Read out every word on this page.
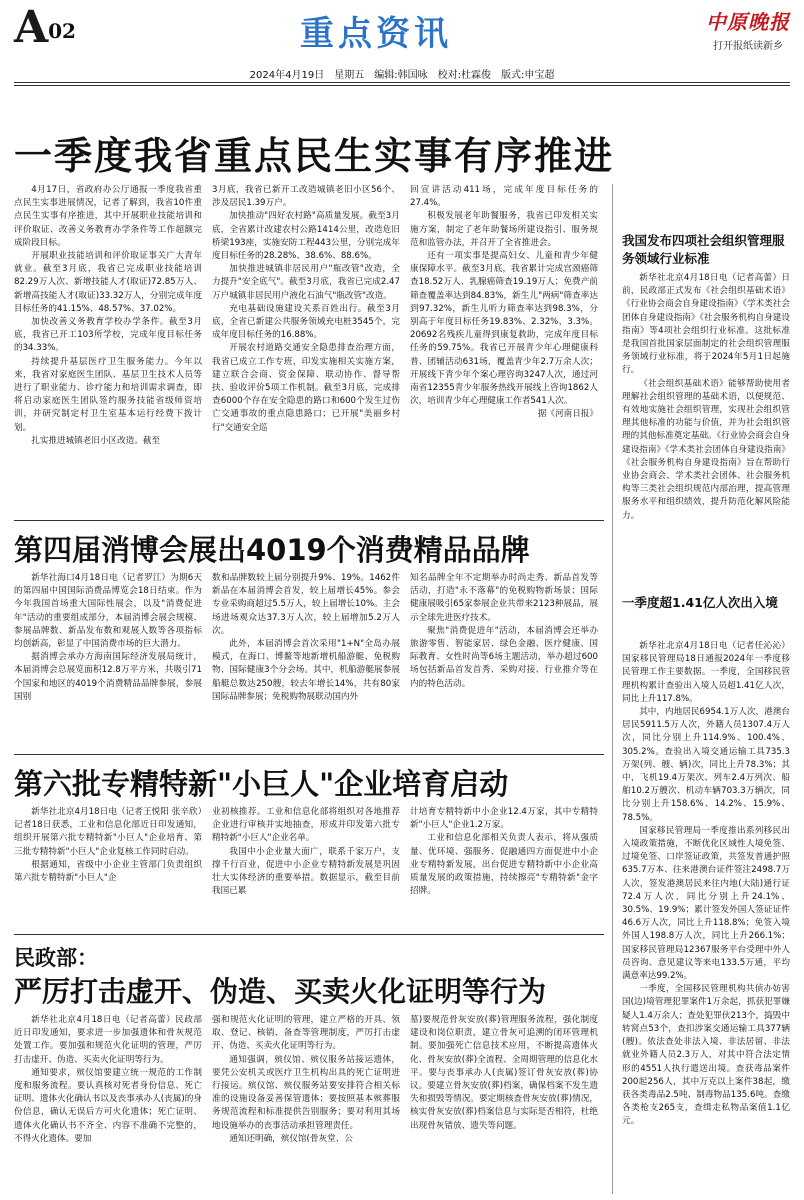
A02	重点资讯	中原晚报
打开报纸读新乡
2024年4月19日　星期五　编辑:韩国咏　校对:杜霖俊　版式:申宝超
一季度我省重点民生实事有序推进

4月17日，省政府办公厅通报一季度我省重点民生实事进展情况，记者了解到，我省10件重点民生实事有序推进，其中开展职业技能培训和评价取证、改善义务教育办学条件等工作超额完成阶段目标。

开展职业技能培训和评价取证事关广大青年就业。截至3月底，我省已完成职业技能培训82.29万人次、新增技能人才(取证)72.85万人、新增高技能人才(取证)33.32万人，分别完成年度目标任务的41.15%、48.57%、37.02%。

加快改善义务教育学校办学条件。截至3月底，我省已开工103所学校，完成年度目标任务的34.33%。

持续提升基层医疗卫生服务能力。今年以来，我省对家庭医生团队、基层卫生技术人员等进行了职业能力、诊疗能力和培训需求调查，即将启动家庭医生团队签约服务技能省级师资培训，并研究制定村卫生室基本运行经费下拨计划。

扎实推进城镇老旧小区改造。截至

3月底，我省已新开工改造城镇老旧小区56个、涉及居民1.39万户。

加快推动"四好农村路"高质量发展。截至3月底，全省累计改建农村公路1414公里，改造危旧桥梁193座，实施安防工程443公里，分别完成年度目标任务的28.28%、38.6%、88.6%。

加快推进城镇非居民用户"瓶改管"改造，全力提升"安全底气"。截至3月底，我省已完成2.47万户城镇非居民用户液化石油气"瓶改管"改造。

充电基础设施建设关系百姓出行。截至3月底，全省已新建公共服务领域充电桩3545个，完成年度目标任务的16.88%。

开展农村道路交通安全隐患排查治理方面，我省已成立工作专班，印发实施相关实施方案，建立联合会商、资金保障、联动协作、督导帮扶、验收评价5项工作机制。截至3月底，完成排查6000个存在安全隐患的路口和600个发生过伤亡交通事故的重点隐患路口；已开展"美丽乡村行"交通安全巡

回宣讲活动411场，完成年度目标任务的27.4%。

积极发展老年助餐服务，我省已印发相关实施方案，制定了老年助餐场所建设指引、服务规范和监管办法，并召开了全省推进会。

还有一项实事是提高妇女、儿童和青少年健康保障水平。截至3月底，我省累计完成宫颈癌筛查18.52万人、乳腺癌筛查19.19万人；免费产前筛查覆盖率达到84.83%，新生儿"两病"筛查率达到97.32%，新生儿听力筛查率达到98.3%，分别高于年度目标任务19.83%、2.32%、3.3%。20692名残疾儿童得到康复救助，完成年度目标任务的59.75%。我省已开展青少年心理健康科普、团辅活动631场，覆盖青少年2.7万余人次；开展线下青少年个案心理咨询3247人次，通过河南省12355青少年服务热线开展线上咨询1862人次，培训青少年心理健康工作者541人次。

据《河南日报》
我国发布四项社会组织管理服务领域行业标准

新华社北京4月18日电（记者高蕾）日前，民政部正式发布《社会组织基础术语》《行业协会商会自身建设指南》《学术类社会团体自身建设指南》《社会服务机构自身建设指南》等4项社会组织行业标准。这批标准是我国首批国家层面制定的社会组织管理服务领域行业标准，将于2024年5月1日起施行。

《社会组织基础术语》能够帮助使用者理解社会组织管理的基础术语，以便规范、有效地实施社会组织管理，实现社会组织管理其他标准的功能与价值，并为社会组织管理的其他标准奠定基础。《行业协会商会自身建设指南》《学术类社会团体自身建设指南》《社会服务机构自身建设指南》旨在帮助行业协会商会、学术类社会团体、社会服务机构等三类社会组织规范内部治理，提高管理服务水平和组织绩效，提升防范化解风险能力。

一季度超1.41亿人次出入境

新华社北京4月18日电（记者任沁沁）国家移民管理局18日通报2024年一季度移民管理工作主要数据。一季度，全国移民管理机构累计查验出入境人员超1.41亿人次，同比上升117.8%。

其中，内地居民6954.1万人次，港澳台居民5911.5万人次，外籍人员1307.4万人次，同比分别上升114.9%、100.4%、305.2%。查验出入境交通运输工具735.3万架(列、艘、辆)次，同比上升78.3%；其中，飞机19.4万架次、列车2.4万列次、船舶10.2万艘次、机动车辆703.3万辆次，同比分别上升158.6%、14.2%、15.9%、78.5%。

国家移民管理局一季度推出系列移民出入境政策措施，不断优化区域性人境免签、过境免签、口岸签证政策，共签发普通护照635.7万本、往来港澳台证件签注2498.7万人次，签发港澳居民来往内地(大陆)通行证72.4万人次，同比分别上升24.1%、30.5%、19.9%；累计签发外国人签证证件46.6万人次，同比上升118.8%；免签入境外国人198.8万人次，同比上升266.1%；国家移民管理局12367服务平台受理中外人员咨询、意见建议等来电133.5万通，平均满意率达99.2%。

一季度，全国移民管理机构共侦办妨害国(边)境管理犯罪案件1万余起，抓获犯罪嫌疑人1.4万余人；查处犯罪伙213个，捣毁中转窝点53个，查扣涉案交通运输工具377辆(艘)。依法查处非法入境、非法居留、非法就业外籍人员2.3万人，对其中符合法定情形的4551人执行遣送出境。查获毒品案件200起256人，其中万克以上案件38起，缴获各类毒品2.5吨、制毒物品135.6吨。查缴各类枪支265支，查缉走私物品案值1.1亿元。

第四届消博会展出4019个消费精品品牌

新华社海口4月18日电（记者罗江）为期6天的第四届中国国际消费品博览会18日结束。作为今年我国首场重大国际性展会，以及"消费促进年"活动的重要组成部分，本届消博会展会规模、参展品牌数、新品发布数和观展人数等各项指标均创新高，彰显了中国消费市场的巨大潜力。

据消博会承办方海南国际经济发展局统计，本届消博会总展览面积12.8万平方米，共吸引71个国家和地区的4019个消费精品品牌参展，参展国别

数和品牌数较上届分别提升9%、19%。1462件新品在本届消博会首发，较上届增长45%。参会专业采购商超过5.5万人，较上届增长10%。主会场进场观众达37.3万人次，较上届增加5.2万人次。

此外，本届消博会首次采用"1+N"全岛办展模式，在海口、博鳌等地新增机船游艇、免税购物、国际健康3个分会场。其中，机船游艇展参展船艇总数达250艘，较去年增长14%，共有80家国际品牌参展；免税购物展联动国内外

知名品牌全年不定期举办时尚走秀、新品首发等活动，打造"永不落幕"的免税购物新场景；国际健康展吸引65家参展企业共带来2123种展品，展示全球先进医疗技术。

聚焦"消费促进年"活动，本届消博会还举办旅游零售、智能家居、绿色金融、医疗健康、国际教育、女性时尚等6场主题活动，举办超过600场包括新品首发首秀、采购对接、行业推介等在内的特色活动。

第六批专精特新"小巨人"企业培育启动

新华社北京4月18日电（记者王悦阳 张辛欣）记者18日获悉，工业和信息化部近日印发通知，组织开展第六批专精特新"小巨人"企业培育、第三批专精特新"小巨人"企业复核工作同时启动。

根据通知，省级中小企业主管部门负责组织第六批专精特新"小巨人"企

业初核推荐。工业和信息化部将组织对各地推荐企业进行审核并实地抽查，形成并印发第六批专精特新"小巨人"企业名单。

我国中小企业量大面广，联系千家万户，支撑千行百业，促进中小企业专精特新发展是巩固壮大实体经济的重要举措。数据显示，截至目前我国已累

计培育专精特新中小企业12.4万家，其中专精特新"小巨人"企业1.2万家。

工业和信息化部相关负责人表示，将从强质量、优环境、强服务、促融通四方面促进中小企业专精特新发展，出台促进专精特新中小企业高质量发展的政策措施，持续擦亮"专精特新"金字招牌。

民政部：
严厉打击虚开、伪造、买卖火化证明等行为

新华社北京4月18日电（记者高蕾）民政部近日印发通知，要求进一步加强遗体和骨灰规范处置工作。要加强和规范火化证明的管理，严厉打击虚开、伪造、买卖火化证明等行为。

通知要求，殡仪馆要建立统一规范的工作制度和服务流程。要认真核对死者身份信息、死亡证明、遗体火化确认书以及丧事承办人(丧属)的身份信息，确认无误后方可火化遗体；死亡证明、遗体火化确认书不齐全、内容不准确不完整的，不得火化遗体。要加

强和规范火化证明的管理，建立严格的开具、领取、登记、核销、备查等管理制度，严厉打击虚开、伪造、买卖火化证明等行为。

通知强调，殡仪馆、殡仪服务站接运遗体，要凭公安机关或医疗卫生机构出具的死亡证明进行接运。殡仪馆、殡仪服务站要安排符合相关标准的设施设备妥善保管遗体；要按照基本殡葬服务规范流程和标准提供告别服务；要对利用其场地设施举办的丧事活动承担管理责任。

通知还明确，殡仪馆(骨灰堂、公

墓)要规范骨灰安放(葬)管理服务流程，强化制度建设和岗位职责，建立骨灰可追溯的闭环管理机制。要加强死亡信息技术应用，不断提高遗体火化、骨灰安放(葬)全流程、全周期管理的信息化水平。要与丧事承办人(丧属)签订骨灰安放(葬)协议。要建立骨灰安放(葬)档案，确保档案不发生遗失和损毁等情况。要定期核查骨灰安放(葬)情况，核实骨灰安放(葬)档案信息与实际是否相符，杜绝出现骨灰错放、遗失等问题。
